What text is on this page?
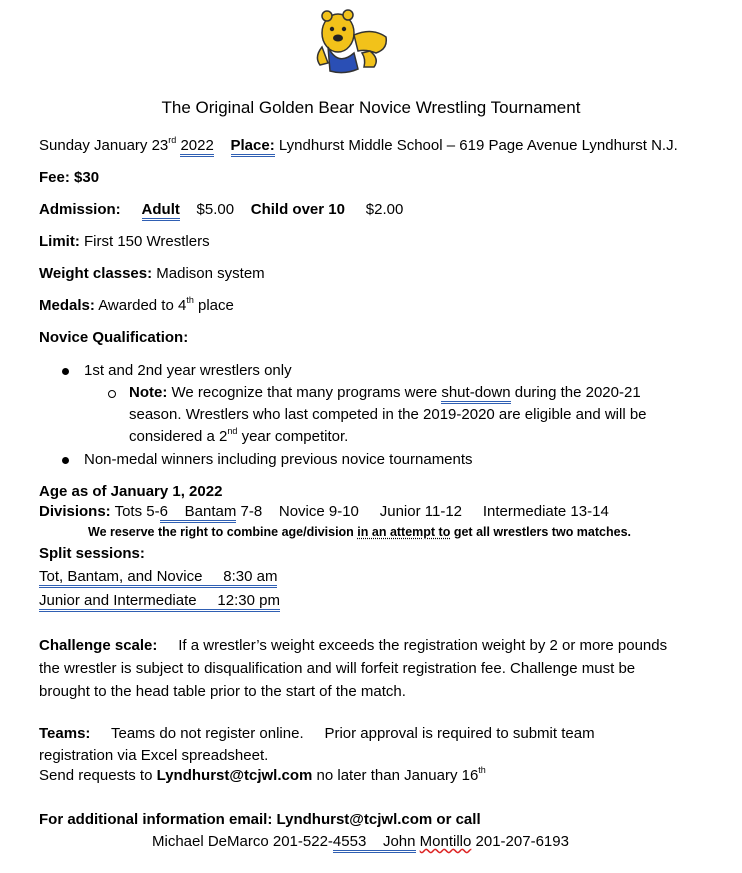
The Original Golden Bear Novice Wrestling Tournament
Sunday January 23rd 2022 Place: Lyndhurst Middle School – 619 Page Avenue Lyndhurst N.J.
Fee: $30
Admission: Adult $5.00 Child over 10 $2.00
Limit: First 150 Wrestlers
Weight classes: Madison system
Medals: Awarded to 4th place
Novice Qualification:
1st and 2nd year wrestlers only
Note: We recognize that many programs were shut-down during the 2020-21
season. Wrestlers who last competed in the 2019-2020 are eligible and will be
considered a 2nd year competitor.
Non-medal winners including previous novice tournaments
Age as of January 1, 2022
Divisions: Tots 5-6 Bantam 7-8 Novice 9-10 Junior 11-12 Intermediate 13-14
We reserve the right to combine age/division in an attempt to get all wrestlers two matches.
Split sessions:
Tot, Bantam, and Novice     8:30 am
Junior and Intermediate     12:30 pm
Challenge scale: If a wrestler’s weight exceeds the registration weight by 2 or more pounds
the wrestler is subject to disqualification and will forfeit registration fee. Challenge must be
brought to the head table prior to the start of the match.
Teams: Teams do not register online.     Prior approval is required to submit team
registration via Excel spreadsheet.
Send requests to Lyndhurst@tcjwl.com no later than January 16th
For additional information email: Lyndhurst@tcjwl.com or call
Michael DeMarco 201-522-4553 John Montillo 201-207-6193
